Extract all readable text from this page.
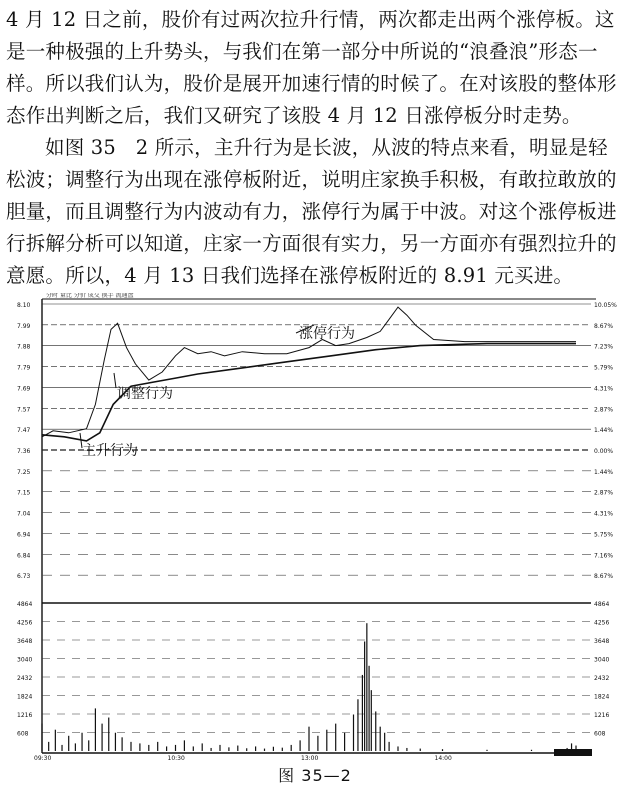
4 月 12 日之前，股价有过两次拉升行情，两次都走出两个涨停板。这是一种极强的上升势头，与我们在第一部分中所说的“浪叠浪”形态一样。所以我们认为，股价是展开加速行情的时候了。在对该股的整体形态作出判断之后，我们又研究了该股 4 月 12 日涨停板分时走势。

如图 35　2 所示，主升行为是长波，从波的特点来看，明显是轻松波；调整行为出现在涨停板附近，说明庄家换手积极，有敢拉敢放的胆量，而且调整行为内波动有力，涨停行为属于中波。对这个涨停板进行拆解分析可以知道，庄家一方面很有实力，另一方面亦有强烈拉升的意愿。所以，4 月 13 日我们选择在涨停板附近的 8.91 元买进。

分时 量比 分价 成交 换手 流通盘
8.10
7.99
7.88
7.79
7.69
7.57
7.47
7.36
7.25
7.15
7.04
6.94
6.84
6.73
10.05%
8.67%
7.23%
5.79%
4.31%
2.87%
1.44%
0.00%
1.44%
2.87%
4.31%
5.75%
7.16%
8.67%
4864	4864
4256	4256
3648	3648
3040	3040
2432	2432
1824	1824
1216	1216
608	608
09:30	10:30	13:00	14:00
涨停行为
调整行为
主升行为
图 35—2
